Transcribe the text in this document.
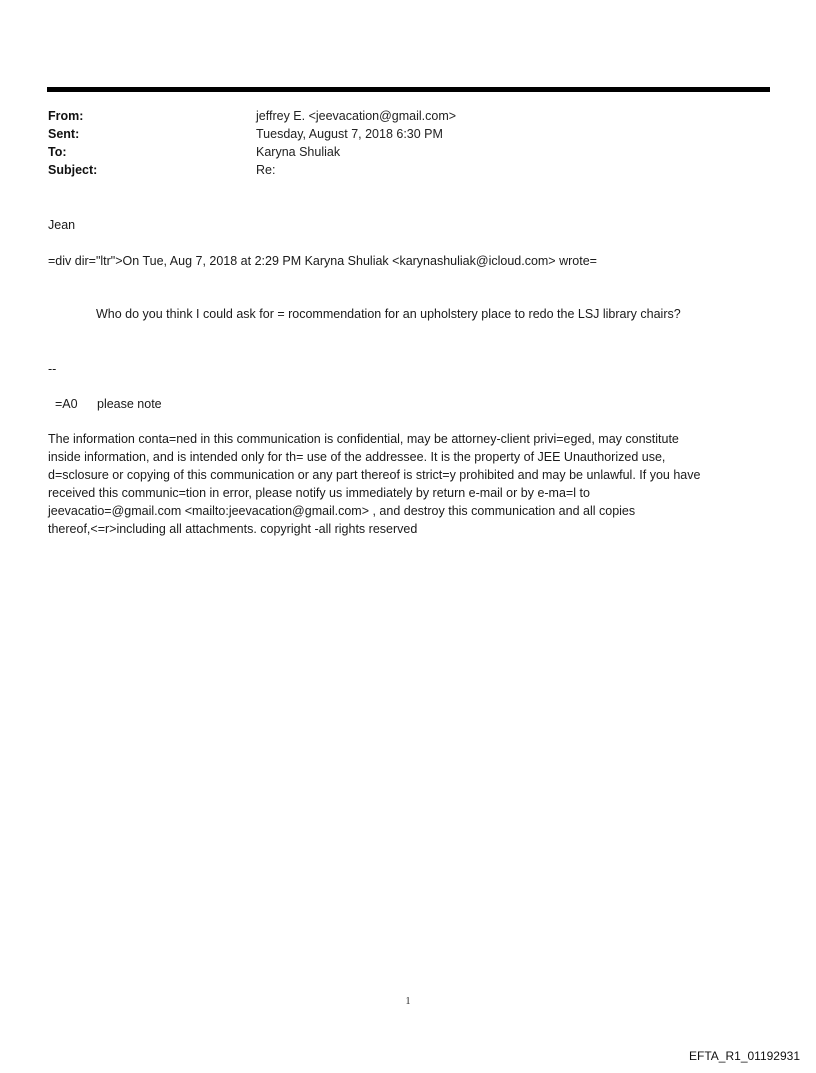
From:	jeffrey E. <jeevacation@gmail.com>
Sent:	Tuesday, August 7, 2018 6:30 PM
To:	Karyna Shuliak
Subject:	Re:
Jean
=div dir="ltr">On Tue, Aug 7, 2018 at 2:29 PM Karyna Shuliak <karynashuliak@icloud.com> wrote=
Who do you think I could ask for = rocommendation for an upholstery place to redo the LSJ library chairs?
--
=A0 please note
The information conta=ned in this communication is confidential, may be attorney-client privi=eged, may constitute
inside information, and is intended only for th= use of the addressee. It is the property of JEE Unauthorized use,
d=sclosure or copying of this communication or any part thereof is strict=y prohibited and may be unlawful. If you have
received this communic=tion in error, please notify us immediately by return e-mail or by e-ma=l to
jeevacatio=@gmail.com <mailto:jeevacation@gmail.com> , and destroy this communication and all copies
thereof,<=r>including all attachments. copyright -all rights reserved
1
EFTA_R1_01192931
